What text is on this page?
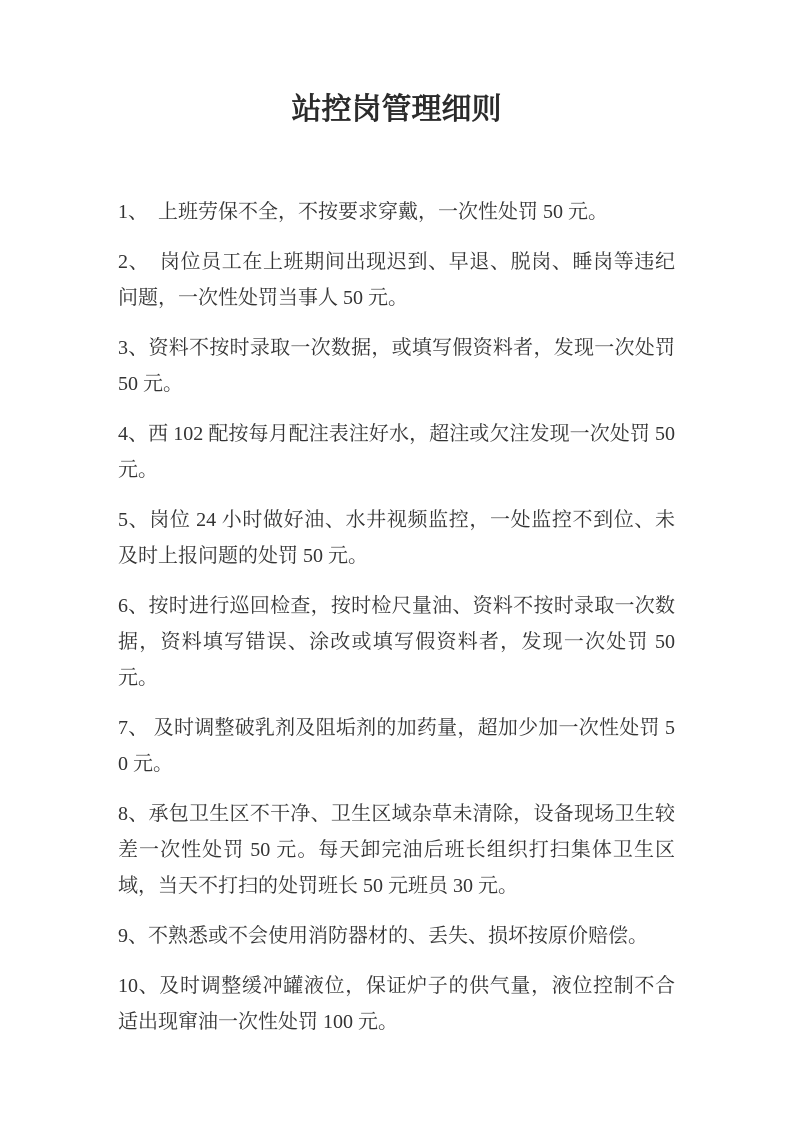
站控岗管理细则

1、　上班劳保不全，不按要求穿戴，一次性处罚 50 元。

2、　岗位员工在上班期间出现迟到、早退、脱岗、睡岗等违纪问题，一次性处罚当事人 50 元。

3、资料不按时录取一次数据，或填写假资料者，发现一次处罚 50 元。

4、西 102 配按每月配注表注好水，超注或欠注发现一次处罚 50 元。

5、岗位 24 小时做好油、水井视频监控，一处监控不到位、未及时上报问题的处罚 50 元。

6、按时进行巡回检查，按时检尺量油、资料不按时录取一次数据，资料填写错误、涂改或填写假资料者，发现一次处罚 50 元。

7、 及时调整破乳剂及阻垢剂的加药量，超加少加一次性处罚 50 元。

8、承包卫生区不干净、卫生区域杂草未清除，设备现场卫生较差一次性处罚 50 元。每天卸完油后班长组织打扫集体卫生区域，当天不打扫的处罚班长 50 元班员 30 元。

9、不熟悉或不会使用消防器材的、丢失、损坏按原价赔偿。

10、及时调整缓冲罐液位，保证炉子的供气量，液位控制不合适出现窜油一次性处罚 100 元。
